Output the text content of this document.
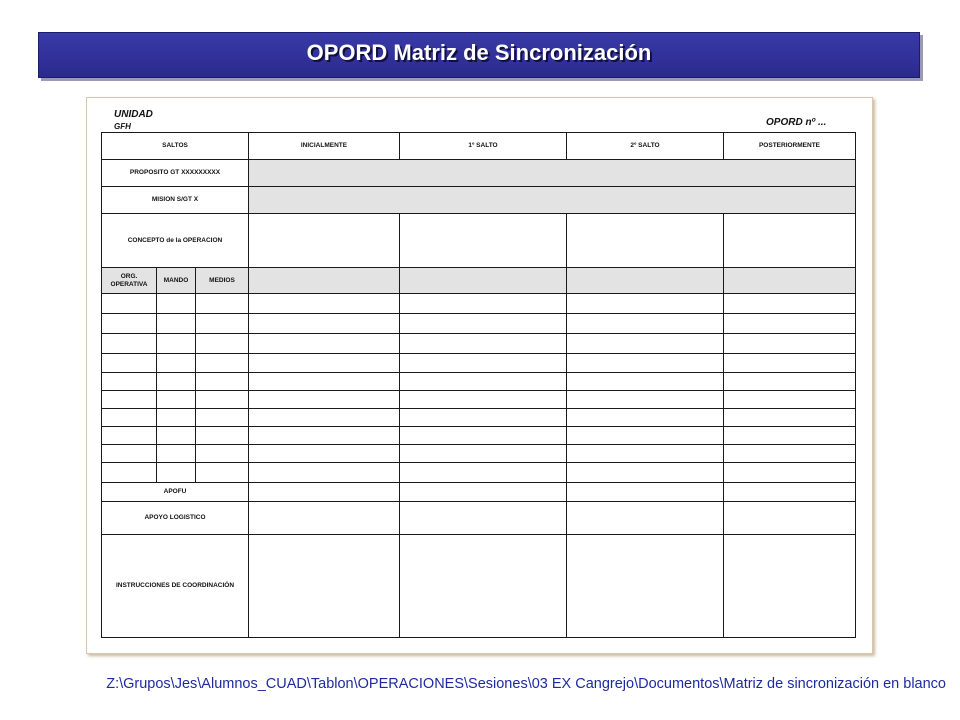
OPORD Matriz de Sincronización
UNIDAD
GFH	OPORD nº ...
SALTOS			INICIALMENTE	1º SALTO	2º SALTO	POSTERIORMENTE
PROPOSITO GT XXXXXXXXX						
MISION S/GT X						
CONCEPTO de la OPERACION						
ORG. OPERATIVA	MANDO	MEDIOS				

APOFU						
APOYO LOGISTICO						
INSTRUCCIONES DE COORDINACIÓN						
Z:\Grupos\Jes\Alumnos_CUAD\Tablon\OPERACIONES\Sesiones\03 EX Cangrejo\Documentos\Matriz de sincronización en blanco
